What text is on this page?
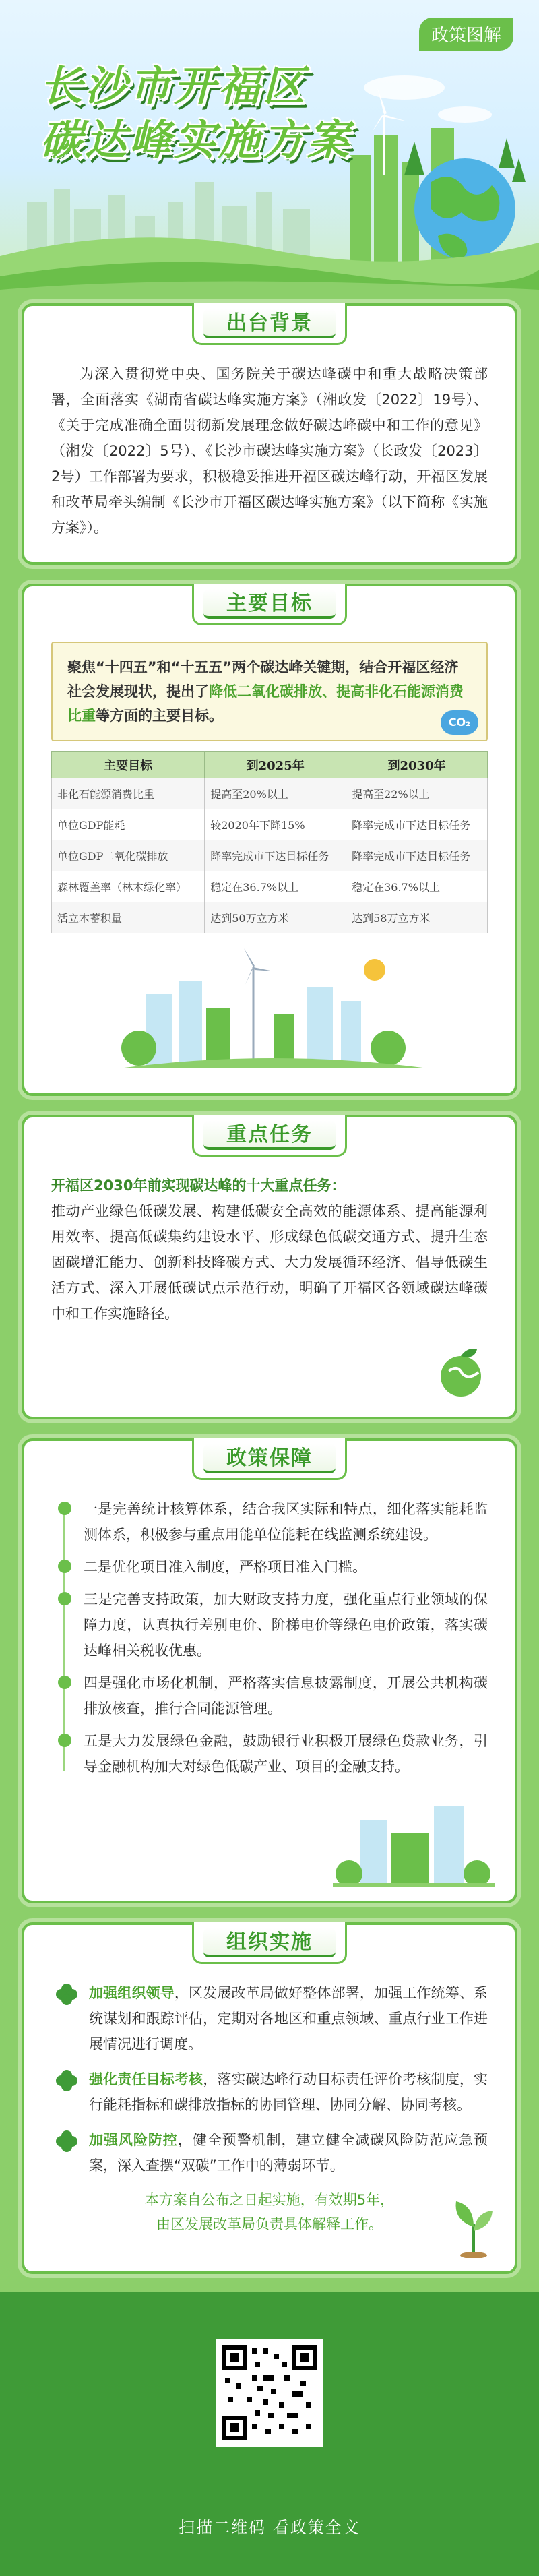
政策图解
长沙市开福区
碳达峰实施方案
出台背景

为深入贯彻党中央、国务院关于碳达峰碳中和重大战略决策部署，全面落实《湖南省碳达峰实施方案》（湘政发〔2022〕19号）、《关于完成准确全面贯彻新发展理念做好碳达峰碳中和工作的意见》（湘发〔2022〕5号）、《长沙市碳达峰实施方案》（长政发〔2023〕2号）工作部署为要求，积极稳妥推进开福区碳达峰行动，开福区发展和改革局牵头编制《长沙市开福区碳达峰实施方案》（以下简称《实施方案》）。

主要目标
聚焦“十四五”和“十五五”两个碳达峰关键期，结合开福区经济社会发展现状，提出了降低二氧化碳排放、提高非化石能源消费比重等方面的主要目标。	CO₂
主要目标	到2025年	到2030年
非化石能源消费比重	提高至20%以上	提高至22%以上
单位GDP能耗	较2020年下降15%	降率完成市下达目标任务
单位GDP二氧化碳排放	降率完成市下达目标任务	降率完成市下达目标任务
森林覆盖率（林木绿化率）	稳定在36.7%以上	稳定在36.7%以上
活立木蓄积量	达到50万立方米	达到58万立方米
重点任务

开福区2030年前实现碳达峰的十大重点任务：

推动产业绿色低碳发展、构建低碳安全高效的能源体系、提高能源利用效率、提高低碳集约建设水平、形成绿色低碳交通方式、提升生态固碳增汇能力、创新科技降碳方式、大力发展循环经济、倡导低碳生活方式、深入开展低碳试点示范行动，明确了开福区各领域碳达峰碳中和工作实施路径。

政策保障

一是完善统计核算体系，结合我区实际和特点，细化落实能耗监测体系，积极参与重点用能单位能耗在线监测系统建设。

二是优化项目准入制度，严格项目准入门槛。

三是完善支持政策，加大财政支持力度，强化重点行业领域的保障力度，认真执行差别电价、阶梯电价等绿色电价政策，落实碳达峰相关税收优惠。

四是强化市场化机制，严格落实信息披露制度，开展公共机构碳排放核查，推行合同能源管理。

五是大力发展绿色金融，鼓励银行业积极开展绿色贷款业务，引导金融机构加大对绿色低碳产业、项目的金融支持。

组织实施

加强组织领导，区发展改革局做好整体部署，加强工作统筹、系统谋划和跟踪评估，定期对各地区和重点领域、重点行业工作进展情况进行调度。

强化责任目标考核，落实碳达峰行动目标责任评价考核制度，实行能耗指标和碳排放指标的协同管理、协同分解、协同考核。

加强风险防控，健全预警机制，建立健全减碳风险防范应急预案，深入查摆“双碳”工作中的薄弱环节。

本方案自公布之日起实施，有效期5年，
由区发展改革局负责具体解释工作。
扫描二维码 看政策全文
